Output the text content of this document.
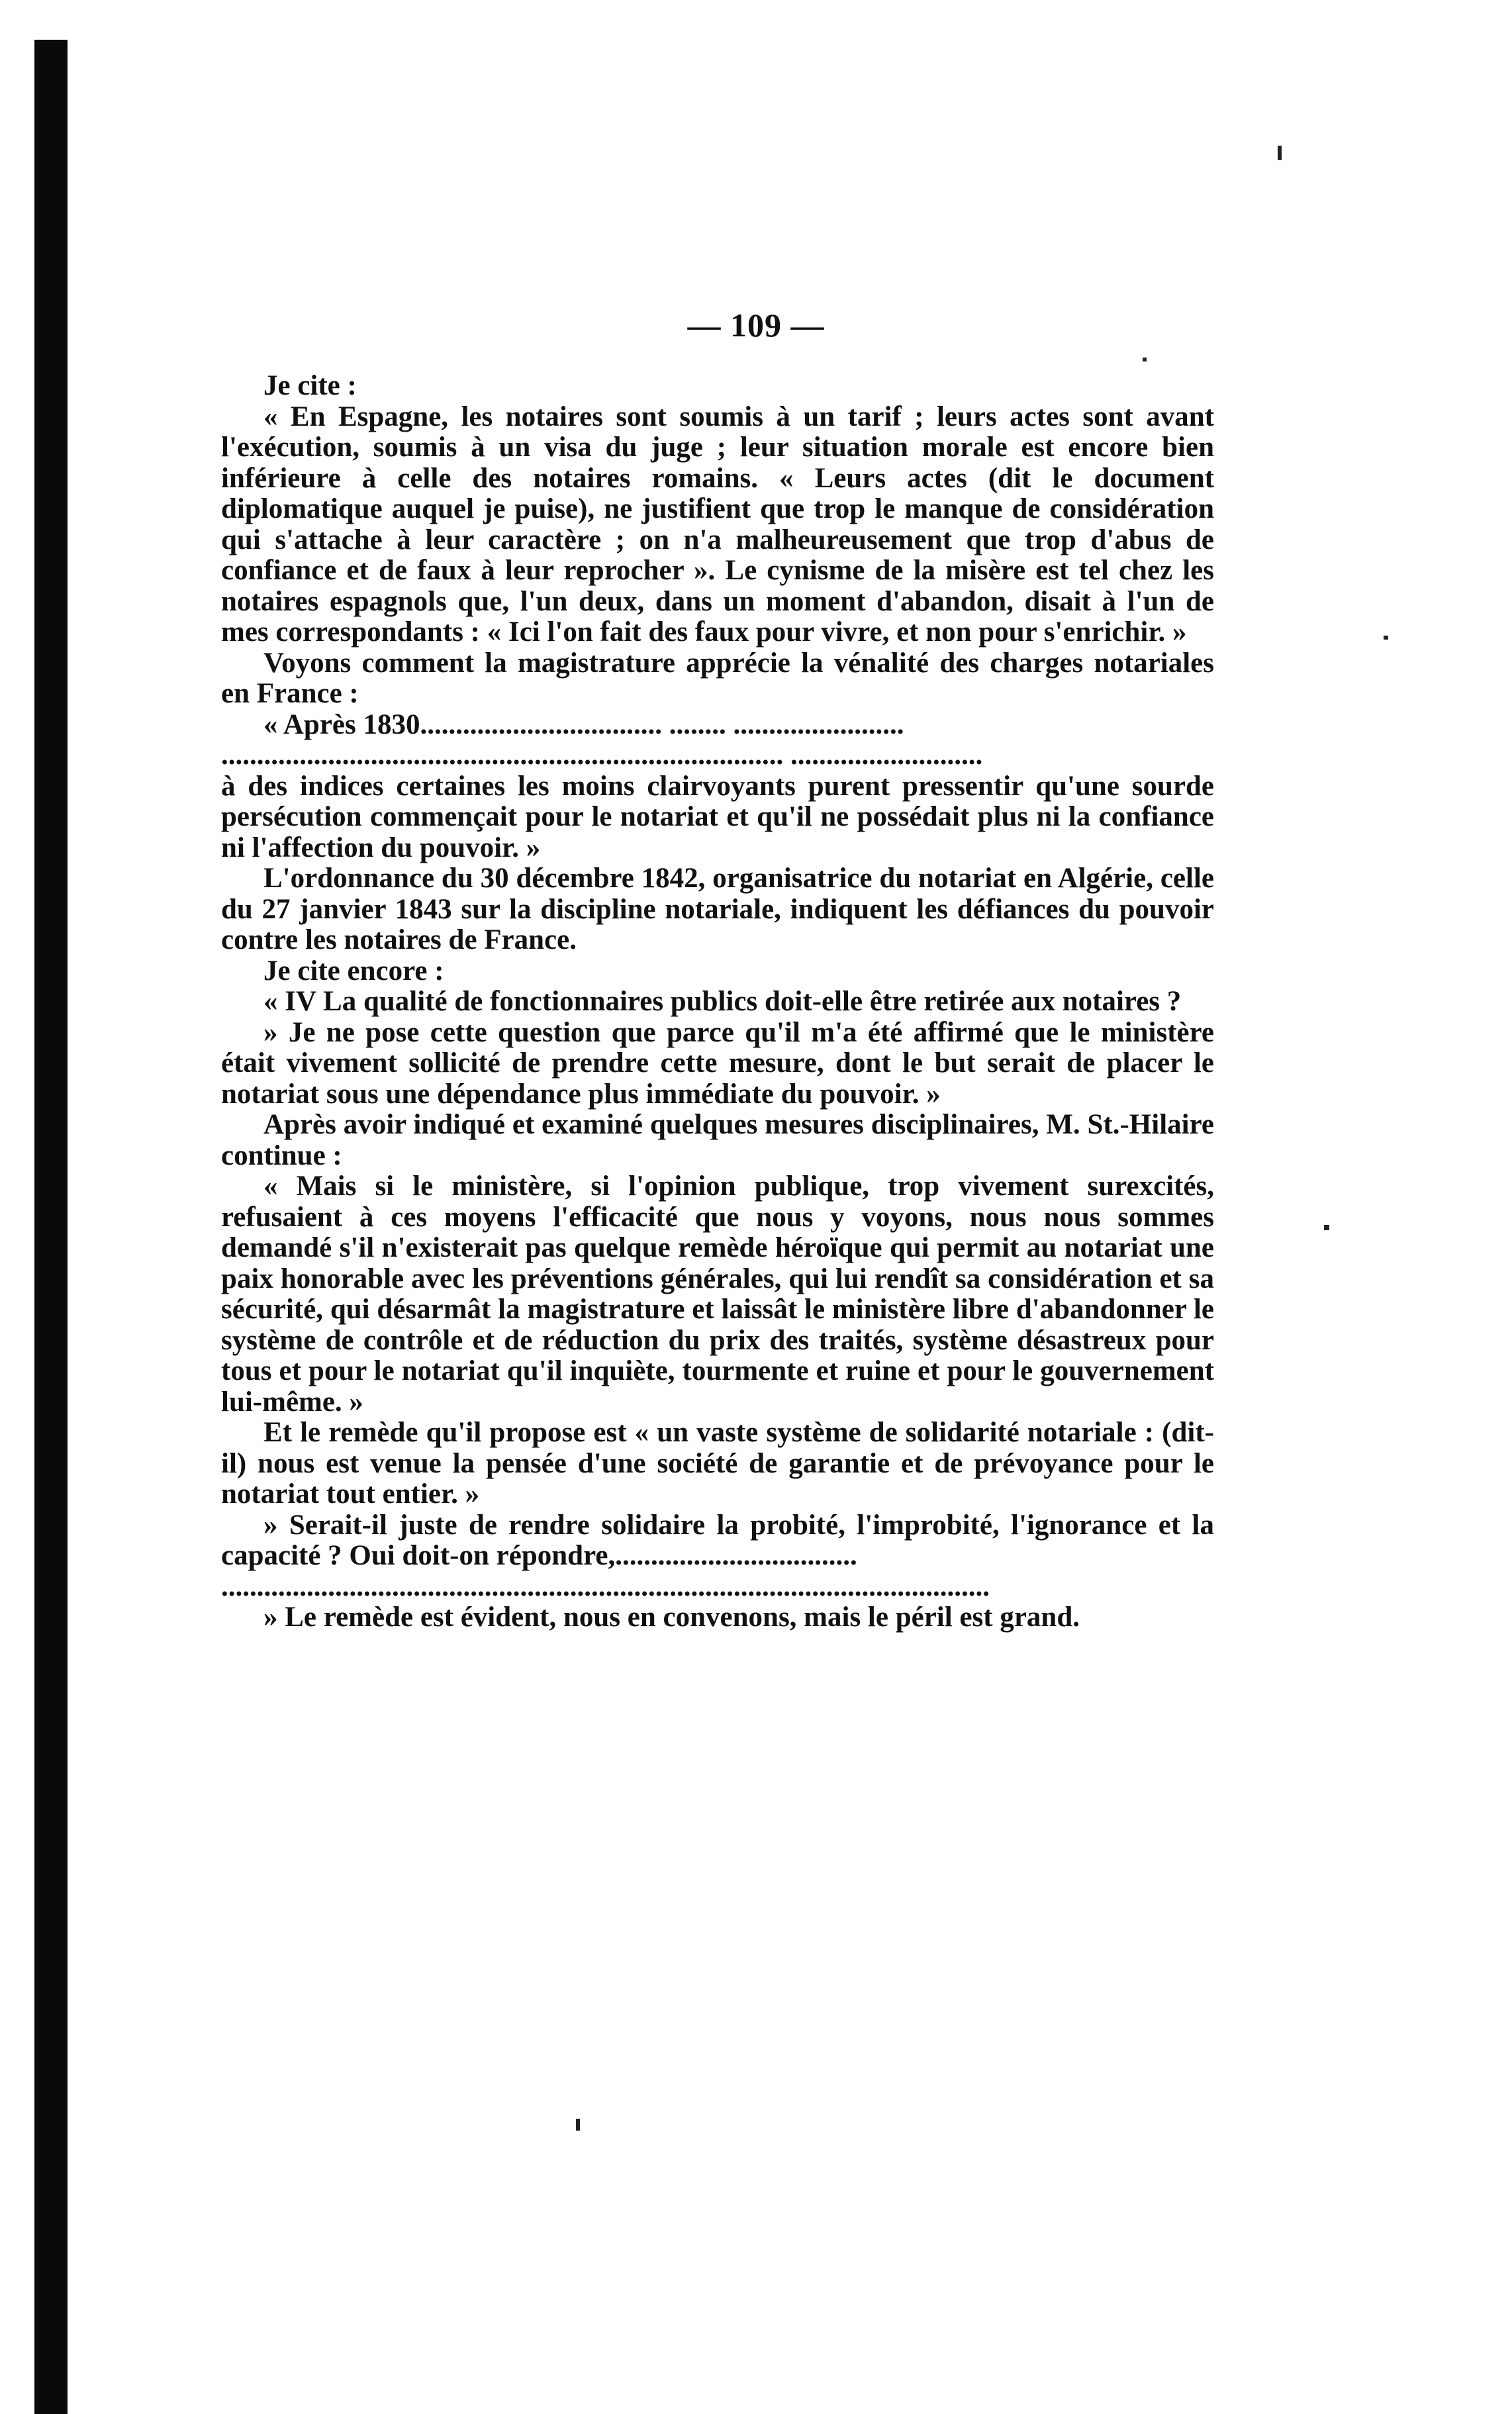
— 109 —

Je cite :

« En Espagne, les notaires sont soumis à un tarif ; leurs actes sont avant l'exécution, soumis à un visa du juge ; leur situation morale est encore bien inférieure à celle des notaires romains. « Leurs actes (dit le document diplomatique auquel je puise), ne justifient que trop le manque de considération qui s'attache à leur caractère ; on n'a malheureusement que trop d'abus de confiance et de faux à leur reprocher ». Le cynisme de la misère est tel chez les notaires espagnols que, l'un deux, dans un moment d'abandon, disait à l'un de mes correspondants : « Ici l'on fait des faux pour vivre, et non pour s'enrichir. »

Voyons comment la magistrature apprécie la vénalité des charges notariales en France :

« Après 1830.................................. ........ ........................

............................................................................... ...........................

à des indices certaines les moins clairvoyants purent pressentir qu'une sourde persécution commençait pour le notariat et qu'il ne possédait plus ni la confiance ni l'affection du pouvoir. »

L'ordonnance du 30 décembre 1842, organisatrice du notariat en Algérie, celle du 27 janvier 1843 sur la discipline notariale, indiquent les défiances du pouvoir contre les notaires de France.

Je cite encore :

« IV La qualité de fonctionnaires publics doit-elle être retirée aux notaires ?

» Je ne pose cette question que parce qu'il m'a été affirmé que le ministère était vivement sollicité de prendre cette mesure, dont le but serait de placer le notariat sous une dépendance plus immédiate du pouvoir. »

Après avoir indiqué et examiné quelques mesures disciplinaires, M. St.-Hilaire continue :

« Mais si le ministère, si l'opinion publique, trop vivement surexcités, refusaient à ces moyens l'efficacité que nous y voyons, nous nous sommes demandé s'il n'existerait pas quelque remède héroïque qui permit au notariat une paix honorable avec les préventions générales, qui lui rendît sa considération et sa sécurité, qui désarmât la magistrature et laissât le ministère libre d'abandonner le système de contrôle et de réduction du prix des traités, système désastreux pour tous et pour le notariat qu'il inquiète, tourmente et ruine et pour le gouvernement lui-même. »

Et le remède qu'il propose est « un vaste système de solidarité notariale : (dit-il) nous est venue la pensée d'une société de garantie et de prévoyance pour le notariat tout entier. »

» Serait-il juste de rendre solidaire la probité, l'improbité, l'ignorance et la capacité ? Oui doit-on répondre,..................................

............................................................................................................

» Le remède est évident, nous en convenons, mais le péril est grand.
